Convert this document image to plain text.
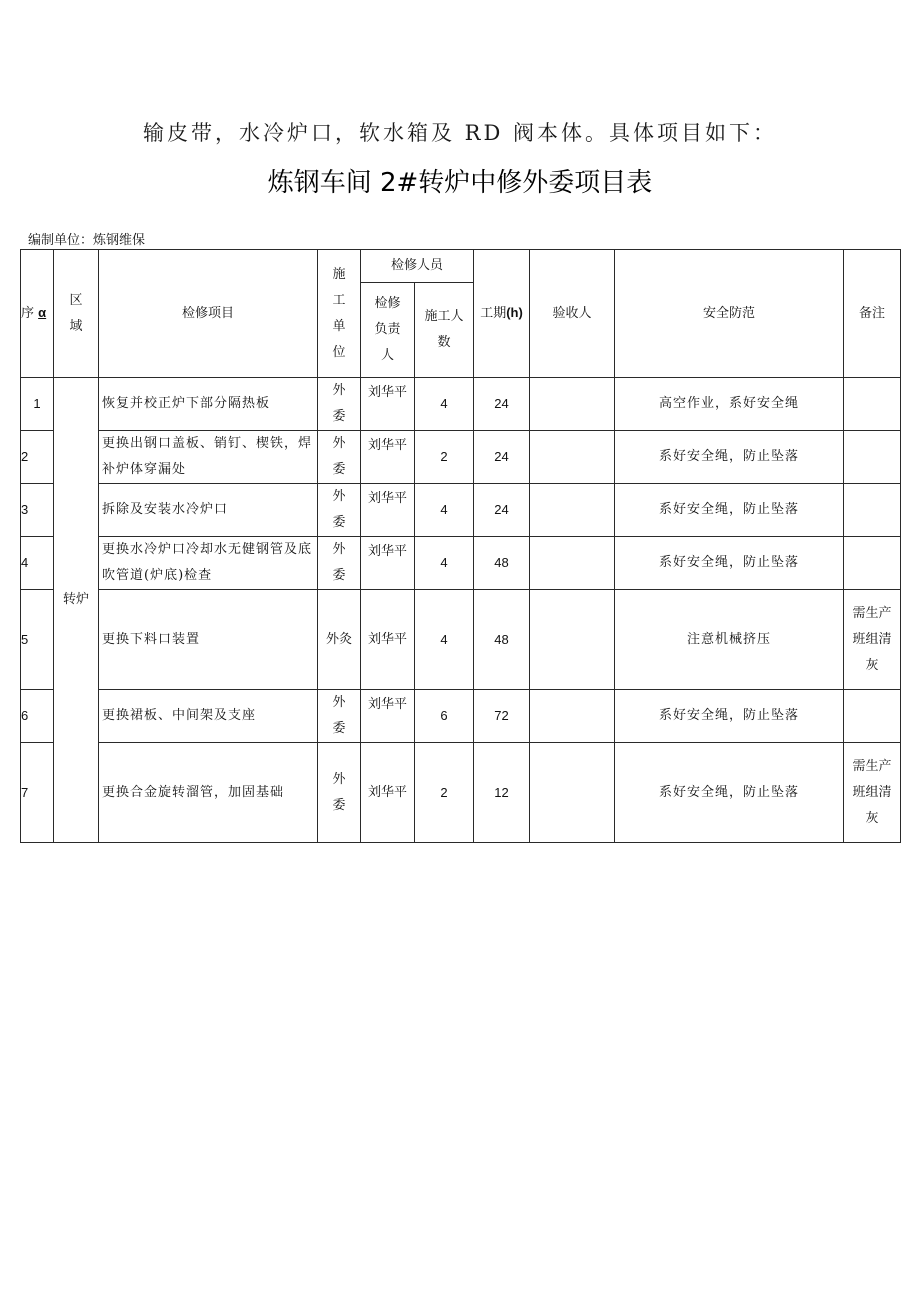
输皮带，水冷炉口，软水箱及 RD 阀本体。具体项目如下：
炼钢车间 2#转炉中修外委项目表
编制单位：炼钢维保
序 α	区域	检修项目	施工单位	检修人员		工期(h)	验收人	安全防范	备注
				检修负责人	施工人数				
1	转炉	恢复并校正炉下部分隔热板	外委	刘华平	4	24		高空作业，系好安全绳	
2		更换出钢口盖板、销钉、楔铁，焊补炉体穿漏处	外委	刘华平	2	24		系好安全绳，防止坠落	
3		拆除及安装水冷炉口	外委	刘华平	4	24		系好安全绳，防止坠落	
4		更换水冷炉口冷却水无健钢管及底吹管道(炉底)检查	外委	刘华平	4	48		系好安全绳，防止坠落	
5		更换下料口装置	外灸	刘华平	4	48		注意机械挤压	需生产班组清灰
6		更换裙板、中间架及支座	外委	刘华平	6	72		系好安全绳，防止坠落	
7		更换合金旋转溜管，加固基础	外委	刘华平	2	12		系好安全绳，防止坠落	需生产班组清灰
